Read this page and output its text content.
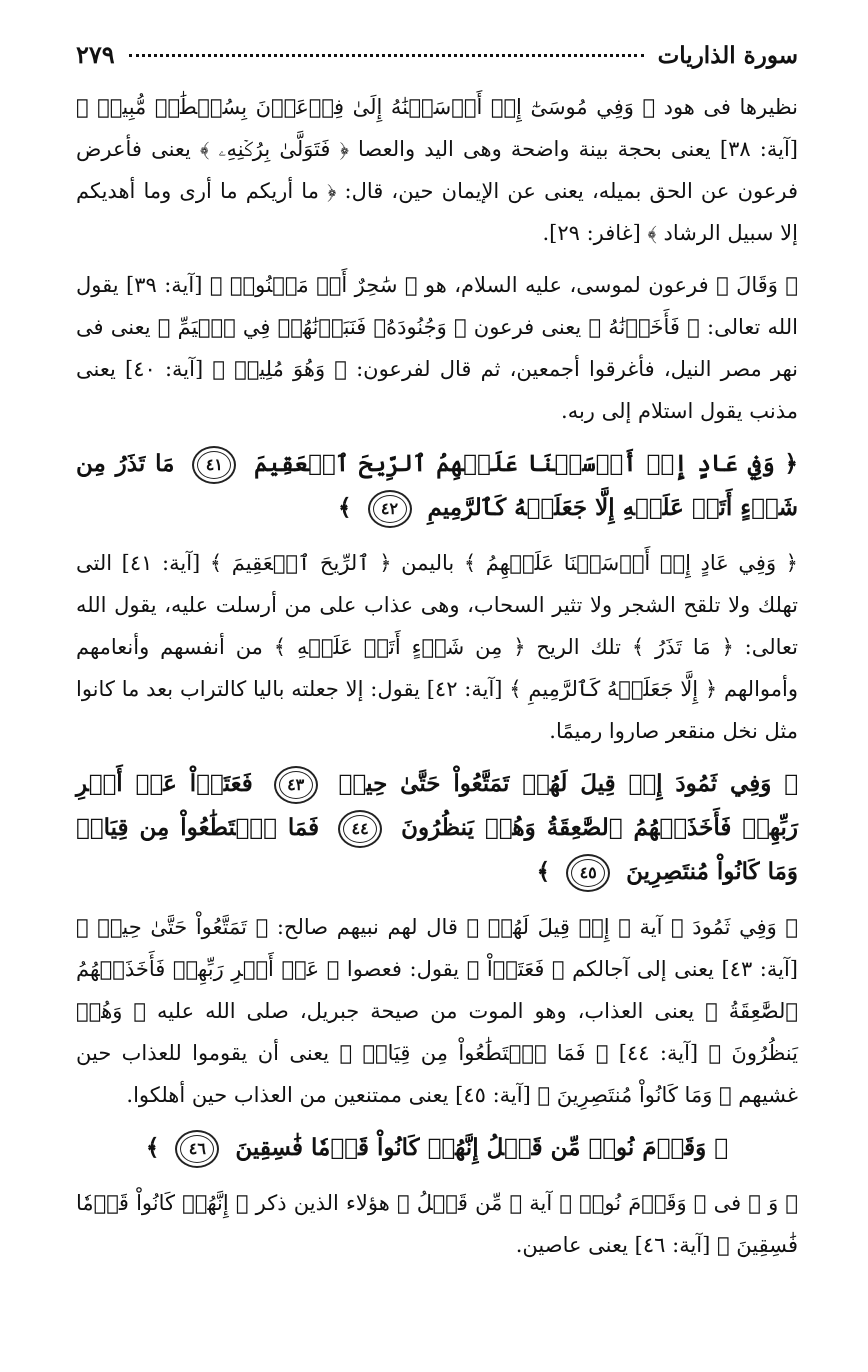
سورة الذاريات
٢٧٩

نظيرها فى هود ﴿ وَفِي مُوسَىٰٓ إِذۡ أَرۡسَلۡنَٰهُ إِلَىٰ فِرۡعَوۡنَ بِسُلۡطَٰنٖ مُّبِينٖ ﴾ [آية: ٣٨] يعنى بحجة بينة واضحة وهى اليد والعصا ﴿ فَتَوَلَّىٰ بِرُكۡنِهِۦ ﴾ يعنى فأعرض فرعون عن الحق بميله، يعنى عن الإيمان حين، قال: ﴿ ما أريكم ما أرى وما أهديكم إلا سبيل الرشاد ﴾ [غافر: ٢٩].

﴿ وَقَالَ ﴾ فرعون لموسى، عليه السلام، هو ﴿ سَٰحِرٌ أَوۡ مَجۡنُونٞ ﴾ [آية: ٣٩] يقول الله تعالى: ﴿ فَأَخَذۡنَٰهُ ﴾ يعنى فرعون ﴿ وَجُنُودَهُۥ فَنَبَذۡنَٰهُمۡ فِي ٱلۡيَمِّ ﴾ يعنى فى نهر مصر النيل، فأغرقوا أجمعين، ثم قال لفرعون: ﴿ وَهُوَ مُلِيمٞ ﴾ [آية: ٤٠] يعنى مذنب يقول استلام إلى ربه.

﴿ وَفِي عَادٍ إِذۡ أَرۡسَلۡنَا عَلَيۡهِمُ ٱلرِّيحَ ٱلۡعَقِيمَ ٤١ مَا تَذَرُ مِن شَيۡءٍ أَتَتۡ عَلَيۡهِ إِلَّا جَعَلَتۡهُ كَٱلرَّمِيمِ ٤٢ ﴾

﴿ وَفِي عَادٍ إِذۡ أَرۡسَلۡنَا عَلَيۡهِمُ ﴾ باليمن ﴿ ٱلرِّيحَ ٱلۡعَقِيمَ ﴾ [آية: ٤١] التى تهلك ولا تلقح الشجر ولا تثير السحاب، وهى عذاب على من أرسلت عليه، يقول الله تعالى: ﴿ مَا تَذَرُ ﴾ تلك الريح ﴿ مِن شَيۡءٍ أَتَتۡ عَلَيۡهِ ﴾ من أنفسهم وأنعامهم وأموالهم ﴿ إِلَّا جَعَلَتۡهُ كَٱلرَّمِيمِ ﴾ [آية: ٤٢] يقول: إلا جعلته باليا كالتراب بعد ما كانوا مثل نخل منقعر صاروا رميمًا.

﴿ وَفِي ثَمُودَ إِذۡ قِيلَ لَهُمۡ تَمَتَّعُواْ حَتَّىٰ حِينٖ ٤٣ فَعَتَوۡاْ عَنۡ أَمۡرِ رَبِّهِمۡ فَأَخَذَتۡهُمُ ٱلصَّٰعِقَةُ وَهُمۡ يَنظُرُونَ ٤٤ فَمَا ٱسۡتَطَٰعُواْ مِن قِيَامٖ وَمَا كَانُواْ مُنتَصِرِينَ ٤٥ ﴾

﴿ وَفِي ثَمُودَ ﴾ آية ﴿ إِذۡ قِيلَ لَهُمۡ ﴾ قال لهم نبيهم صالح: ﴿ تَمَتَّعُواْ حَتَّىٰ حِينٖ ﴾ [آية: ٤٣] يعنى إلى آجالكم ﴿ فَعَتَوۡاْ ﴾ يقول: فعصوا ﴿ عَنۡ أَمۡرِ رَبِّهِمۡ فَأَخَذَتۡهُمُ ٱلصَّٰعِقَةُ ﴾ يعنى العذاب، وهو الموت من صيحة جبريل، صلى الله عليه ﴿ وَهُمۡ يَنظُرُونَ ﴾ [آية: ٤٤] ﴿ فَمَا ٱسۡتَطَٰعُواْ مِن قِيَامٖ ﴾ يعنى أن يقوموا للعذاب حين غشيهم ﴿ وَمَا كَانُواْ مُنتَصِرِينَ ﴾ [آية: ٤٥] يعنى ممتنعين من العذاب حين أهلكوا.

﴿ وَقَوۡمَ نُوحٖ مِّن قَبۡلُ إِنَّهُمۡ كَانُواْ قَوۡمٗا فَٰسِقِينَ ٤٦ ﴾

﴿ وَ ﴾ فى ﴿ وَقَوۡمَ نُوحٖ ﴾ آية ﴿ مِّن قَبۡلُ ﴾ هؤلاء الذين ذكر ﴿ إِنَّهُمۡ كَانُواْ قَوۡمٗا فَٰسِقِينَ ﴾ [آية: ٤٦] يعنى عاصين.
